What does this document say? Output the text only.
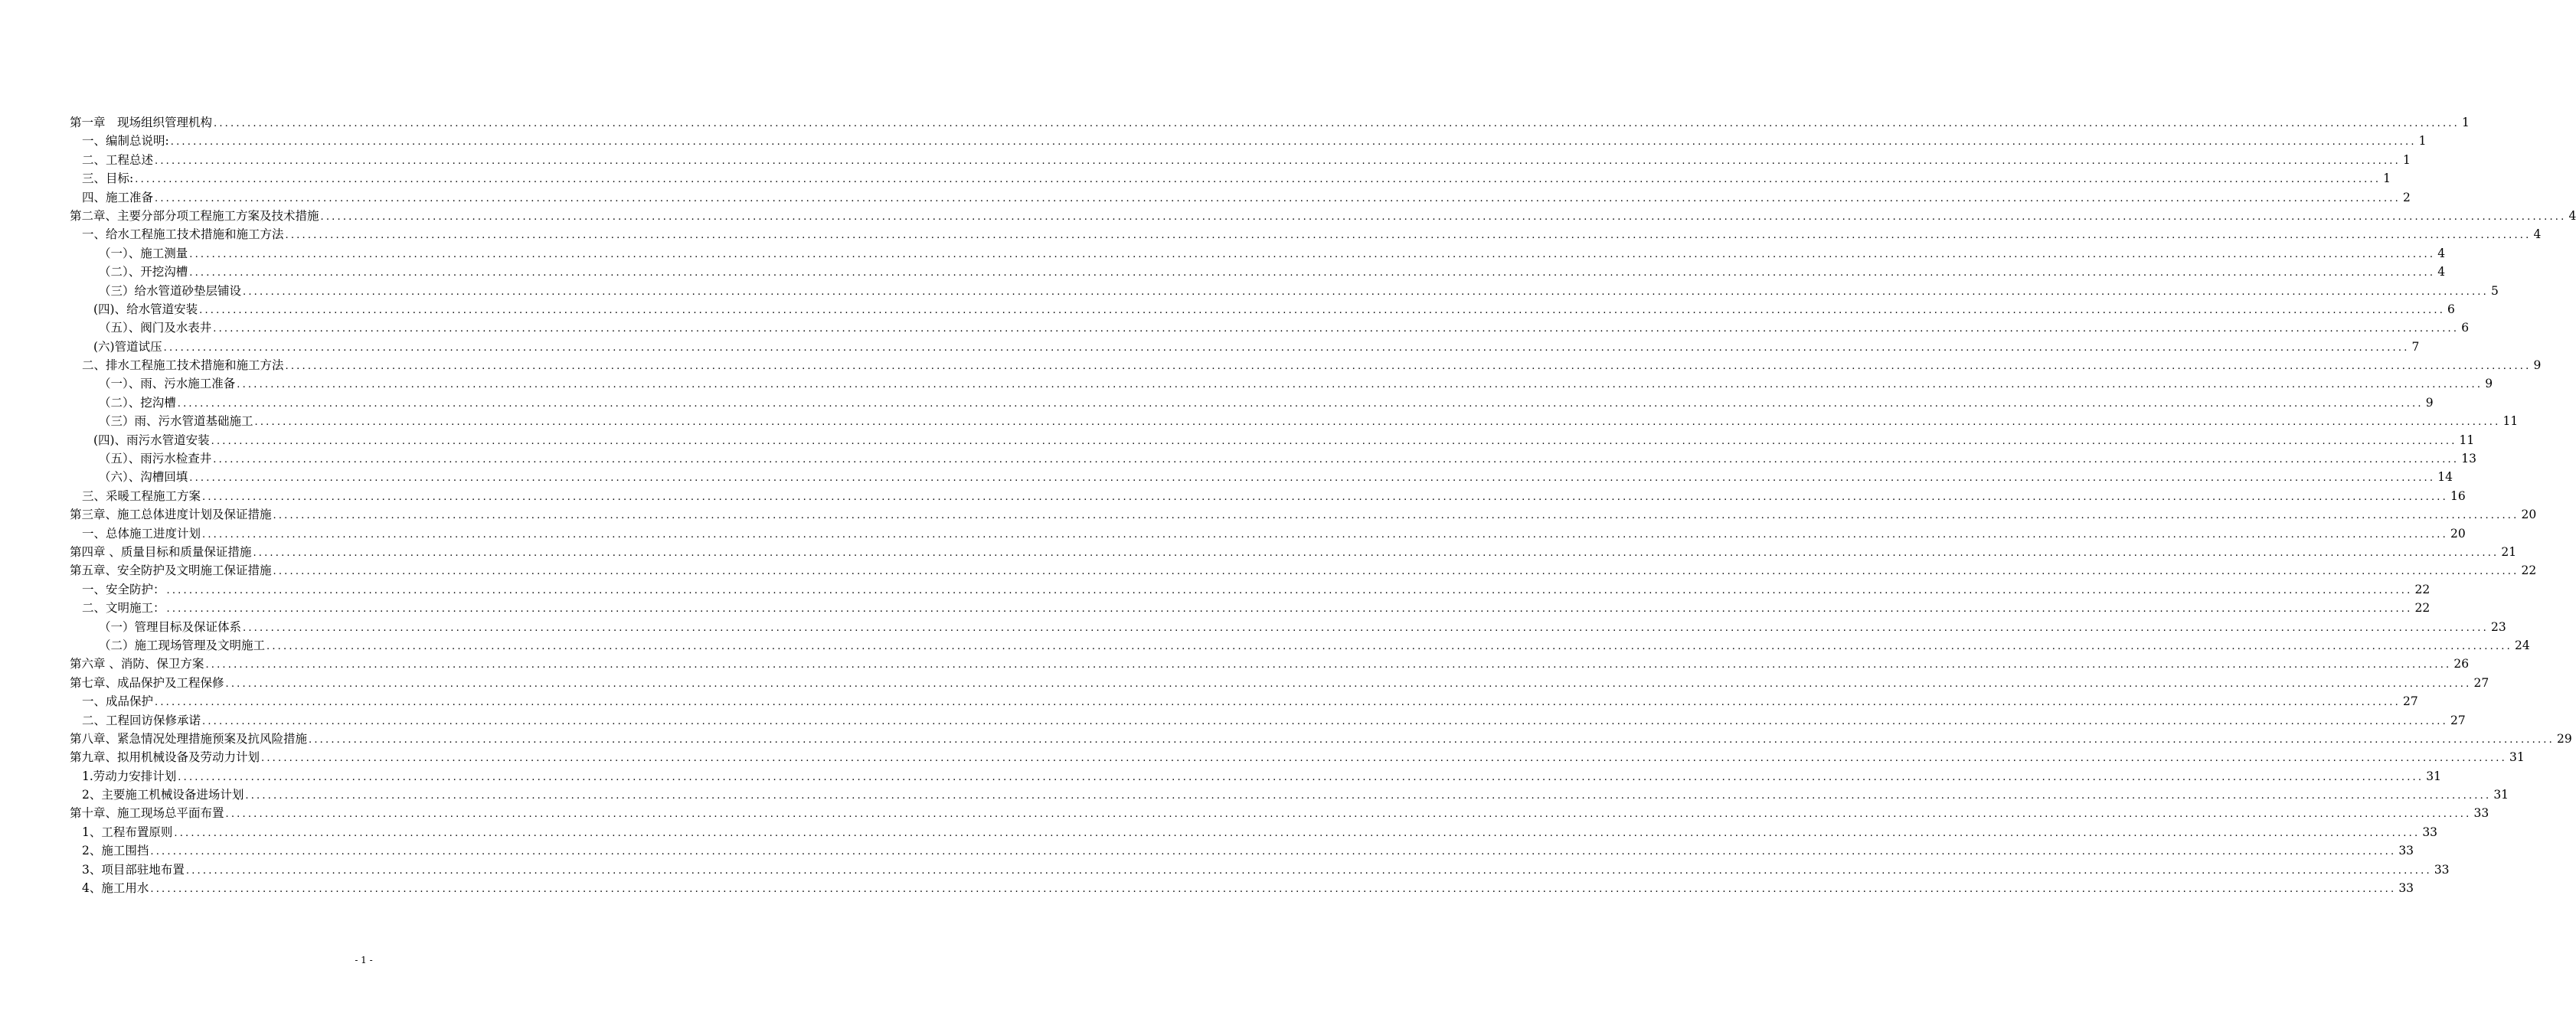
第一章　现场组织管理机构 ................................................................................................................................................................................................................................................................................................................................................................................................................ 1
一、编制总说明: ................................................................................................................................................................................................................................................................................................................................................................................................................ 1
二、工程总述 ................................................................................................................................................................................................................................................................................................................................................................................................................ 1
三、目标: ................................................................................................................................................................................................................................................................................................................................................................................................................ 1
四、施工准备 ................................................................................................................................................................................................................................................................................................................................................................................................................ 2
第二章、主要分部分项工程施工方案及技术措施 ................................................................................................................................................................................................................................................................................................................................................................................................................ 4
一、给水工程施工技术措施和施工方法 ................................................................................................................................................................................................................................................................................................................................................................................................................ 4
（一）、施工测量 ................................................................................................................................................................................................................................................................................................................................................................................................................ 4
（二）、开挖沟槽 ................................................................................................................................................................................................................................................................................................................................................................................................................ 4
（三）给水管道砂垫层铺设 ................................................................................................................................................................................................................................................................................................................................................................................................................ 5
(四)、给水管道安装 ................................................................................................................................................................................................................................................................................................................................................................................................................ 6
（五）、阀门及水表井 ................................................................................................................................................................................................................................................................................................................................................................................................................ 6
(六)管道试压 ................................................................................................................................................................................................................................................................................................................................................................................................................ 7
二、排水工程施工技术措施和施工方法 ................................................................................................................................................................................................................................................................................................................................................................................................................ 9
（一）、雨、污水施工准备 ................................................................................................................................................................................................................................................................................................................................................................................................................ 9
（二）、挖沟槽 ................................................................................................................................................................................................................................................................................................................................................................................................................ 9
（三）雨、污水管道基础施工 ................................................................................................................................................................................................................................................................................................................................................................................................................ 11
(四)、雨污水管道安装 ................................................................................................................................................................................................................................................................................................................................................................................................................ 11
（五）、雨污水检查井 ................................................................................................................................................................................................................................................................................................................................................................................................................ 13
（六）、沟槽回填 ................................................................................................................................................................................................................................................................................................................................................................................................................ 14
三、采暖工程施工方案 ................................................................................................................................................................................................................................................................................................................................................................................................................ 16
第三章、施工总体进度计划及保证措施 ................................................................................................................................................................................................................................................................................................................................................................................................................ 20
一、总体施工进度计划 ................................................................................................................................................................................................................................................................................................................................................................................................................ 20
第四章 、质量目标和质量保证措施 ................................................................................................................................................................................................................................................................................................................................................................................................................ 21
第五章、安全防护及文明施工保证措施 ................................................................................................................................................................................................................................................................................................................................................................................................................ 22
一、安全防护： ................................................................................................................................................................................................................................................................................................................................................................................................................ 22
二、文明施工： ................................................................................................................................................................................................................................................................................................................................................................................................................ 22
（一）管理目标及保证体系 ................................................................................................................................................................................................................................................................................................................................................................................................................ 23
（二）施工现场管理及文明施工 ................................................................................................................................................................................................................................................................................................................................................................................................................ 24
第六章 、消防、保卫方案 ................................................................................................................................................................................................................................................................................................................................................................................................................ 26
第七章、成品保护及工程保修 ................................................................................................................................................................................................................................................................................................................................................................................................................ 27
一、成品保护 ................................................................................................................................................................................................................................................................................................................................................................................................................ 27
二、工程回访保修承诺 ................................................................................................................................................................................................................................................................................................................................................................................................................ 27
第八章、紧急情况处理措施预案及抗风险措施 ................................................................................................................................................................................................................................................................................................................................................................................................................ 29
第九章、拟用机械设备及劳动力计划 ................................................................................................................................................................................................................................................................................................................................................................................................................ 31
1.劳动力安排计划 ................................................................................................................................................................................................................................................................................................................................................................................................................ 31
2、主要施工机械设备进场计划 ................................................................................................................................................................................................................................................................................................................................................................................................................ 31
第十章、施工现场总平面布置 ................................................................................................................................................................................................................................................................................................................................................................................................................ 33
1、工程布置原则 ................................................................................................................................................................................................................................................................................................................................................................................................................ 33
2、施工围挡 ................................................................................................................................................................................................................................................................................................................................................................................................................ 33
3、项目部驻地布置 ................................................................................................................................................................................................................................................................................................................................................................................................................ 33
4、施工用水 ................................................................................................................................................................................................................................................................................................................................................................................................................ 33
- 1 -
